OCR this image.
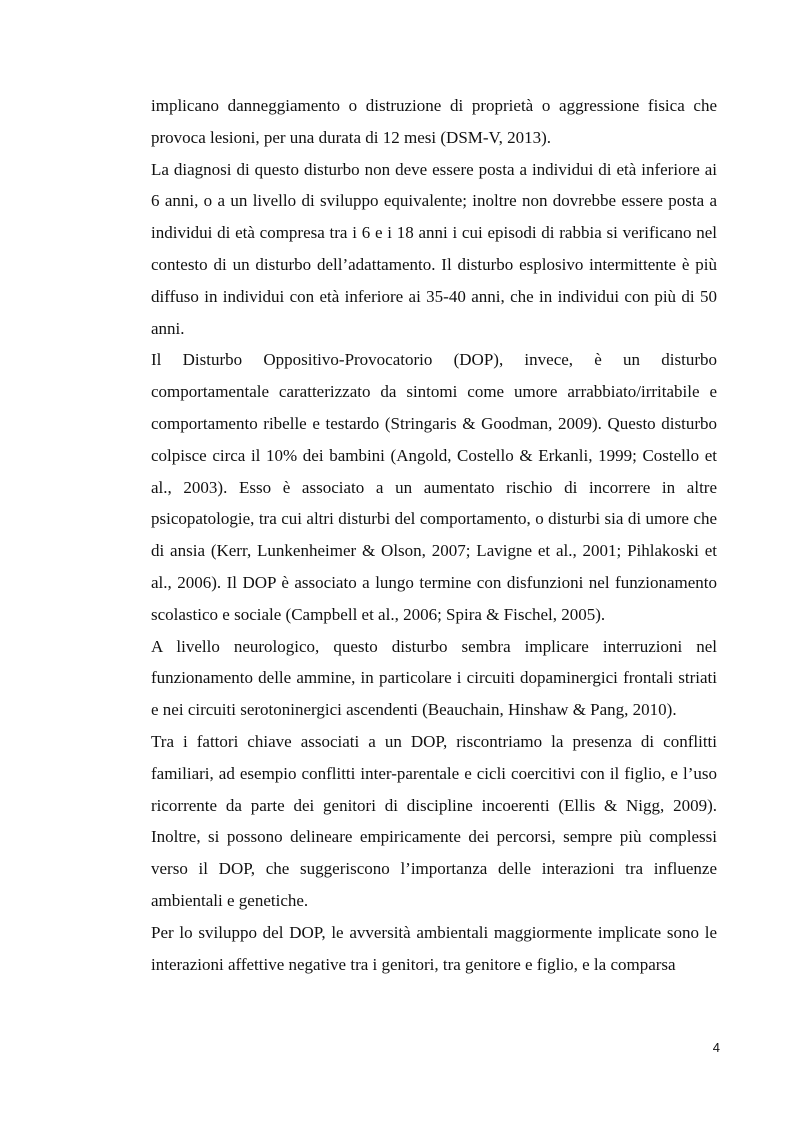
implicano danneggiamento o distruzione di proprietà o aggressione fisica che provoca lesioni, per una durata di 12 mesi (DSM-V, 2013).

La diagnosi di questo disturbo non deve essere posta a individui di età inferiore ai 6 anni, o a un livello di sviluppo equivalente; inoltre non dovrebbe essere posta a individui di età compresa tra i 6 e i 18 anni i cui episodi di rabbia si verificano nel contesto di un disturbo dell’adattamento. Il disturbo esplosivo intermittente è più diffuso in individui con età inferiore ai 35-40 anni, che in individui con più di 50 anni.

Il Disturbo Oppositivo-Provocatorio (DOP), invece, è un disturbo comportamentale caratterizzato da sintomi come umore arrabbiato/irritabile e comportamento ribelle e testardo (Stringaris & Goodman, 2009). Questo disturbo colpisce circa il 10% dei bambini (Angold, Costello & Erkanli, 1999; Costello et al., 2003). Esso è associato a un aumentato rischio di incorrere in altre psicopatologie, tra cui altri disturbi del comportamento, o disturbi sia di umore che di ansia (Kerr, Lunkenheimer & Olson, 2007; Lavigne et al., 2001; Pihlakoski et al., 2006). Il DOP è associato a lungo termine con disfunzioni nel funzionamento scolastico e sociale (Campbell et al., 2006; Spira & Fischel, 2005).

A livello neurologico, questo disturbo sembra implicare interruzioni nel funzionamento delle ammine, in particolare i circuiti dopaminergici frontali striati e nei circuiti serotoninergici ascendenti (Beauchain, Hinshaw & Pang, 2010).

Tra i fattori chiave associati a un DOP, riscontriamo la presenza di conflitti familiari, ad esempio conflitti inter-parentale e cicli coercitivi con il figlio, e l’uso ricorrente da parte dei genitori di discipline incoerenti (Ellis & Nigg, 2009). Inoltre, si possono delineare empiricamente dei percorsi, sempre più complessi verso il DOP, che suggeriscono l’importanza delle interazioni tra influenze ambientali e genetiche.

Per lo sviluppo del DOP, le avversità ambientali maggiormente implicate sono le interazioni affettive negative tra i genitori, tra genitore e figlio, e la comparsa

4
